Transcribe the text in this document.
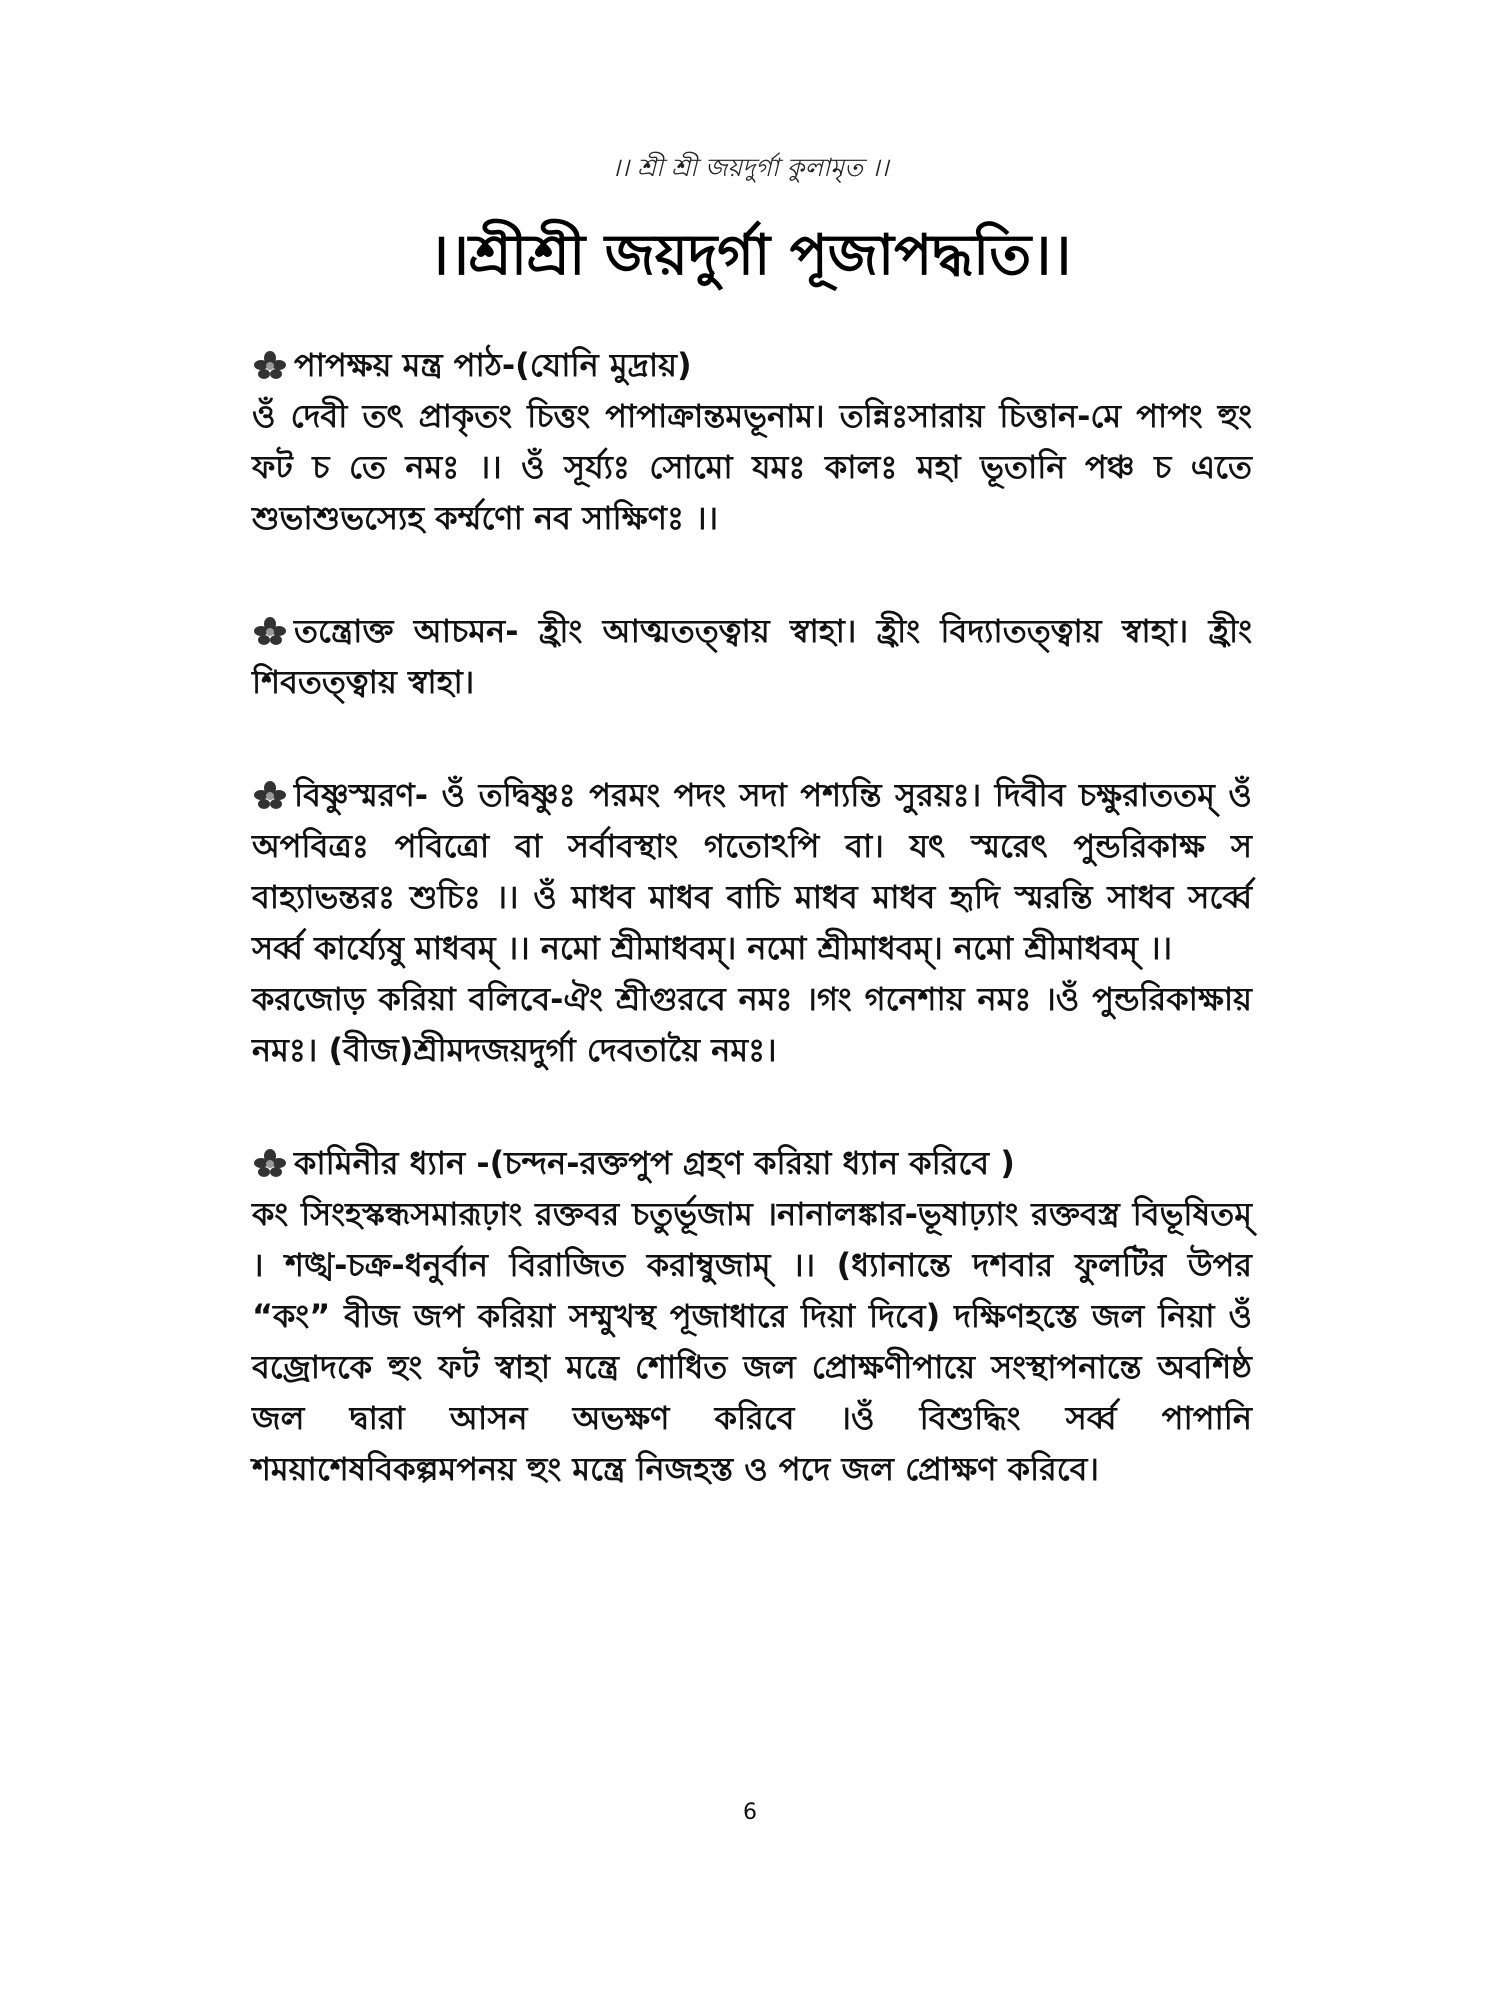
।। শ্রী শ্রী জয়দুর্গা কুলামৃত ।।
।।শ্রীশ্রী জয়দুর্গা পূজাপদ্ধতি।।

পাপক্ষয় মন্ত্র পাঠ-(যোনি মুদ্রায়)

ওঁ দেবী তৎ প্রাকৃতং চিত্তং পাপাক্রান্তমভূনাম। তন্নিঃসারায় চিত্তান-মে পাপং হুং ফট চ তে নমঃ ।। ওঁ সূর্য্যঃ সোমো যমঃ কালঃ মহা ভূতানি পঞ্চ চ এতে শুভাশুভস্যেহ কর্ম্মণো নব সাক্ষিণঃ ।।

তন্ত্রোক্ত আচমন- হ্রীং আত্মতত্ত্বায় স্বাহা। হ্রীং বিদ্যাতত্ত্বায় স্বাহা। হ্রীং শিবতত্ত্বায় স্বাহা।

বিষ্ণুস্মরণ- ওঁ তদ্বিষ্ণুঃ পরমং পদং সদা পশ্যন্তি সুরয়ঃ। দিবীব চক্ষুরাততম্ ওঁ অপবিত্রঃ পবিত্রো বা সর্বাবস্থাং গতোঽপি বা। যৎ স্মরেৎ পুন্ডরিকাক্ষ স বাহ্যাভন্তরঃ শুচিঃ ।। ওঁ মাধব মাধব বাচি মাধব মাধব হৃদি স্মরন্তি সাধব সর্ব্বে সর্ব্ব কার্য্যেষু মাধবম্ ।। নমো শ্রীমাধবম্। নমো শ্রীমাধবম্। নমো শ্রীমাধবম্ ।।

করজোড় করিয়া বলিবে-ঐং শ্রীগুরবে নমঃ ।গং গনেশায় নমঃ ।ওঁ পুন্ডরিকাক্ষায় নমঃ। (বীজ)শ্রীমদজয়দুর্গা দেবতায়ৈ নমঃ।

কামিনীর ধ্যান -(চন্দন-রক্তপুপ গ্রহণ করিয়া ধ্যান করিবে )

কং সিংহস্কন্ধসমারূঢ়াং রক্তবর চতুর্ভূজাম ।নানালঙ্কার-ভূষাঢ়্যাং রক্তবস্ত্র বিভূষিতম্ । শঙ্খ-চক্র-ধনুর্বান বিরাজিত করাম্বুজাম্ ।। (ধ্যানান্তে দশবার ফুলটির উপর “কং” বীজ জপ করিয়া সম্মুখস্থ পূজাধারে দিয়া দিবে) দক্ষিণহস্তে জল নিয়া ওঁ বজ্রোদকে হুং ফট স্বাহা মন্ত্রে শোধিত জল প্রোক্ষণীপায়ে সংস্থাপনান্তে অবশিষ্ঠ জল দ্বারা আসন অভক্ষণ করিবে ।ওঁ বিশুদ্ধিং সর্ব্ব পাপানি শময়াশেষবিকল্পমপনয় হুং মন্ত্রে নিজহস্ত ও পদে জল প্রোক্ষণ করিবে।

6
